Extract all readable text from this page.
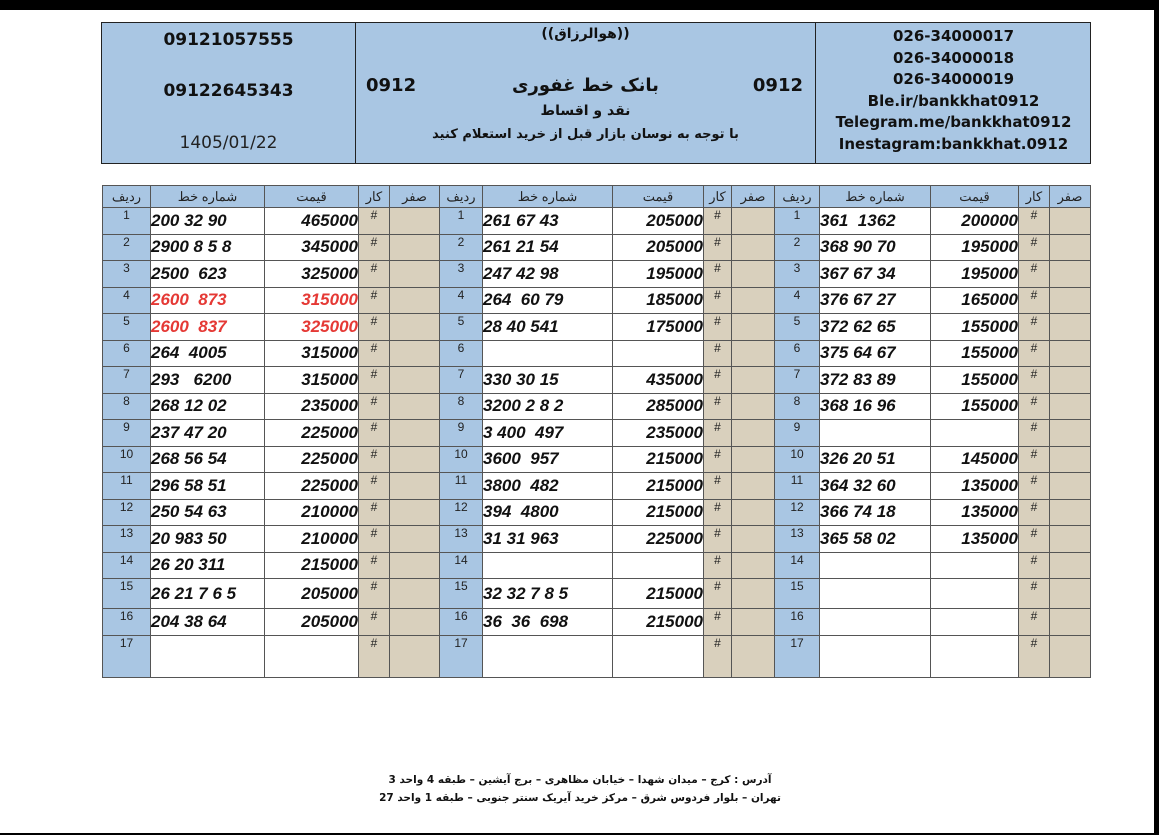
09121057555
09122645343
1405/01/22
((هوالرزاق))
0912	0912
بانک خط غفوری
نقد و اقساط
با توجه به نوسان بازار قبل از خرید استعلام کنید
026-34000017
026-34000018
026-34000019
Ble.ir/bankkhat0912
Telegram.me/bankkhat0912
Inestagram:bankkhat.0912
ردیف	شماره خط	قیمت	کار	صفر	ردیف	شماره خط	قیمت	کار	صفر	ردیف	شماره خط	قیمت	کار	صفر
1	200 32 90	465000	#		1	261 67 43	205000	#		1	361  1362	200000	#	
2	2900 8 5 8	345000	#		2	261 21 54	205000	#		2	368 90 70	195000	#	
3	2500  623	325000	#		3	247 42 98	195000	#		3	367 67 34	195000	#	
4	2600  873	315000	#		4	264  60 79	185000	#		4	376 67 27	165000	#	
5	2600  837	325000	#		5	28 40 541	175000	#		5	372 62 65	155000	#	
6	264  4005	315000	#		6			#		6	375 64 67	155000	#	
7	293   6200	315000	#		7	330 30 15	435000	#		7	372 83 89	155000	#	
8	268 12 02	235000	#		8	3200 2 8 2	285000	#		8	368 16 96	155000	#	
9	237 47 20	225000	#		9	3 400  497	235000	#		9			#	
10	268 56 54	225000	#		10	3600  957	215000	#		10	326 20 51	145000	#	
11	296 58 51	225000	#		11	3800  482	215000	#		11	364 32 60	135000	#	
12	250 54 63	210000	#		12	394  4800	215000	#		12	366 74 18	135000	#	
13	20 983 50	210000	#		13	31 31 963	225000	#		13	365 58 02	135000	#	
14	26 20 311	215000	#		14			#		14			#	
15	26 21 7 6 5	205000	#		15	32 32 7 8 5	215000	#		15			#	
16	204 38 64	205000	#		16	36  36  698	215000	#		16			#	
17			#		17			#		17			#	
آدرس : کرج – میدان شهدا – خیابان مظاهری – برج آیشین – طبقه 4 واحد 3
تهران – بلوار فردوس شرق – مرکز خرید آیریک سنتر جنوبی – طبقه 1 واحد 27
